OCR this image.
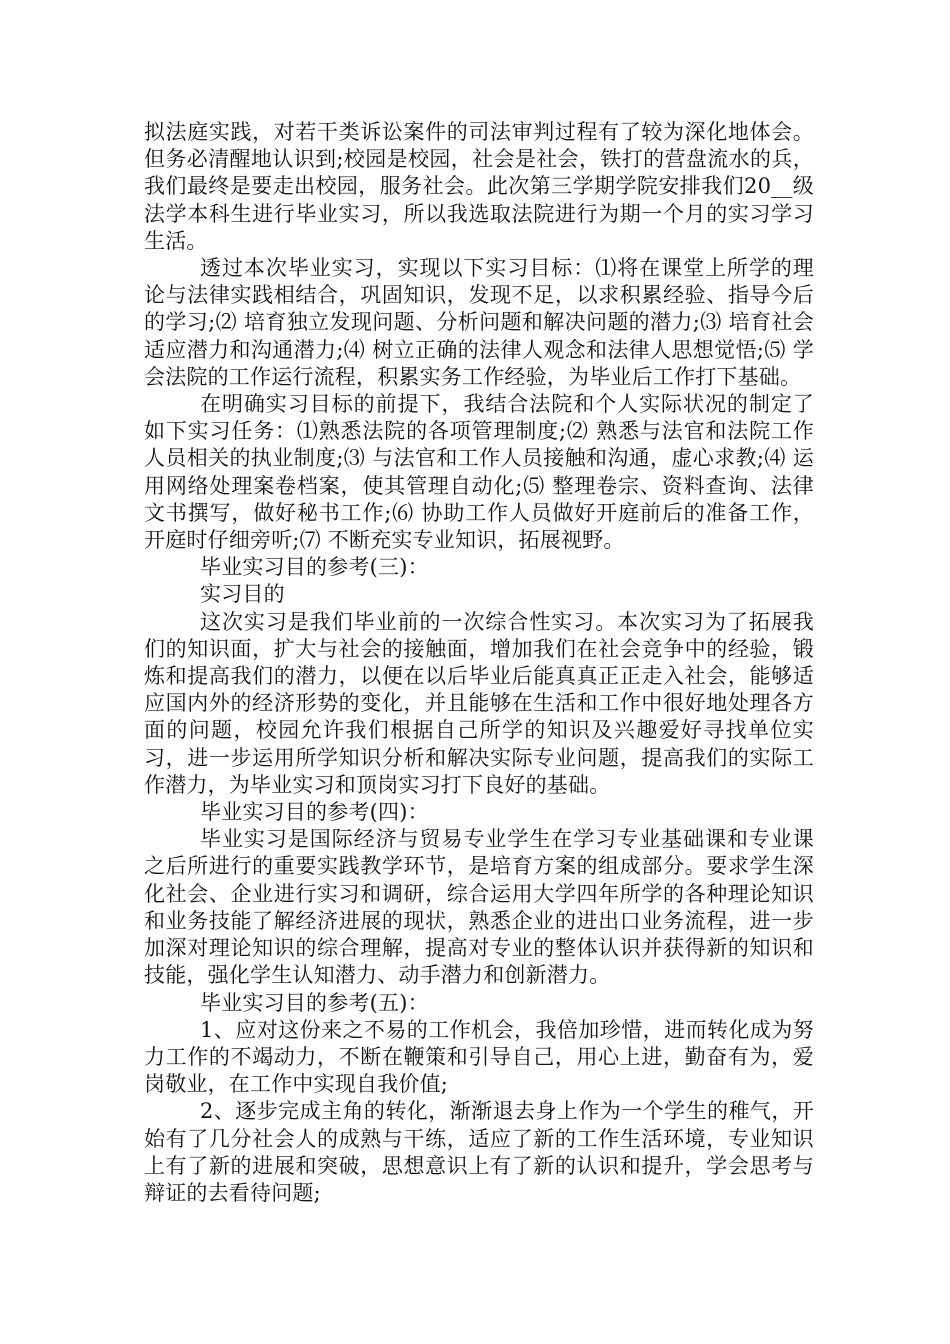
拟法庭实践，对若干类诉讼案件的司法审判过程有了较为深化地体会。但务必清醒地认识到;校园是校园，社会是社会，铁打的营盘流水的兵，我们最终是要走出校园，服务社会。此次第三学期学院安排我们20__级法学本科生进行毕业实习，所以我选取法院进行为期一个月的实习学习生活。

透过本次毕业实习，实现以下实习目标：⑴将在课堂上所学的理论与法律实践相结合，巩固知识，发现不足，以求积累经验、指导今后的学习;⑵ 培育独立发现问题、分析问题和解决问题的潜力;⑶ 培育社会适应潜力和沟通潜力;⑷ 树立正确的法律人观念和法律人思想觉悟;⑸ 学会法院的工作运行流程，积累实务工作经验，为毕业后工作打下基础。

在明确实习目标的前提下，我结合法院和个人实际状况的制定了如下实习任务：⑴熟悉法院的各项管理制度;⑵ 熟悉与法官和法院工作人员相关的执业制度;⑶ 与法官和工作人员接触和沟通，虚心求教;⑷ 运用网络处理案卷档案，使其管理自动化;⑸ 整理卷宗、资料查询、法律文书撰写，做好秘书工作;⑹ 协助工作人员做好开庭前后的准备工作，开庭时仔细旁听;⑺ 不断充实专业知识，拓展视野。

毕业实习目的参考(三)：

实习目的

这次实习是我们毕业前的一次综合性实习。本次实习为了拓展我们的知识面，扩大与社会的接触面，增加我们在社会竞争中的经验，锻炼和提高我们的潜力，以便在以后毕业后能真真正正走入社会，能够适应国内外的经济形势的变化，并且能够在生活和工作中很好地处理各方面的问题，校园允许我们根据自己所学的知识及兴趣爱好寻找单位实习，进一步运用所学知识分析和解决实际专业问题，提高我们的实际工作潜力，为毕业实习和顶岗实习打下良好的基础。

毕业实习目的参考(四)：

毕业实习是国际经济与贸易专业学生在学习专业基础课和专业课之后所进行的重要实践教学环节，是培育方案的组成部分。要求学生深化社会、企业进行实习和调研，综合运用大学四年所学的各种理论知识和业务技能了解经济进展的现状，熟悉企业的进出口业务流程，进一步加深对理论知识的综合理解，提高对专业的整体认识并获得新的知识和技能，强化学生认知潜力、动手潜力和创新潜力。

毕业实习目的参考(五)：

1、应对这份来之不易的工作机会，我倍加珍惜，进而转化成为努力工作的不竭动力，不断在鞭策和引导自己，用心上进，勤奋有为，爱岗敬业，在工作中实现自我价值;

2、逐步完成主角的转化，渐渐退去身上作为一个学生的稚气，开始有了几分社会人的成熟与干练，适应了新的工作生活环境，专业知识上有了新的进展和突破，思想意识上有了新的认识和提升，学会思考与辩证的去看待问题;
